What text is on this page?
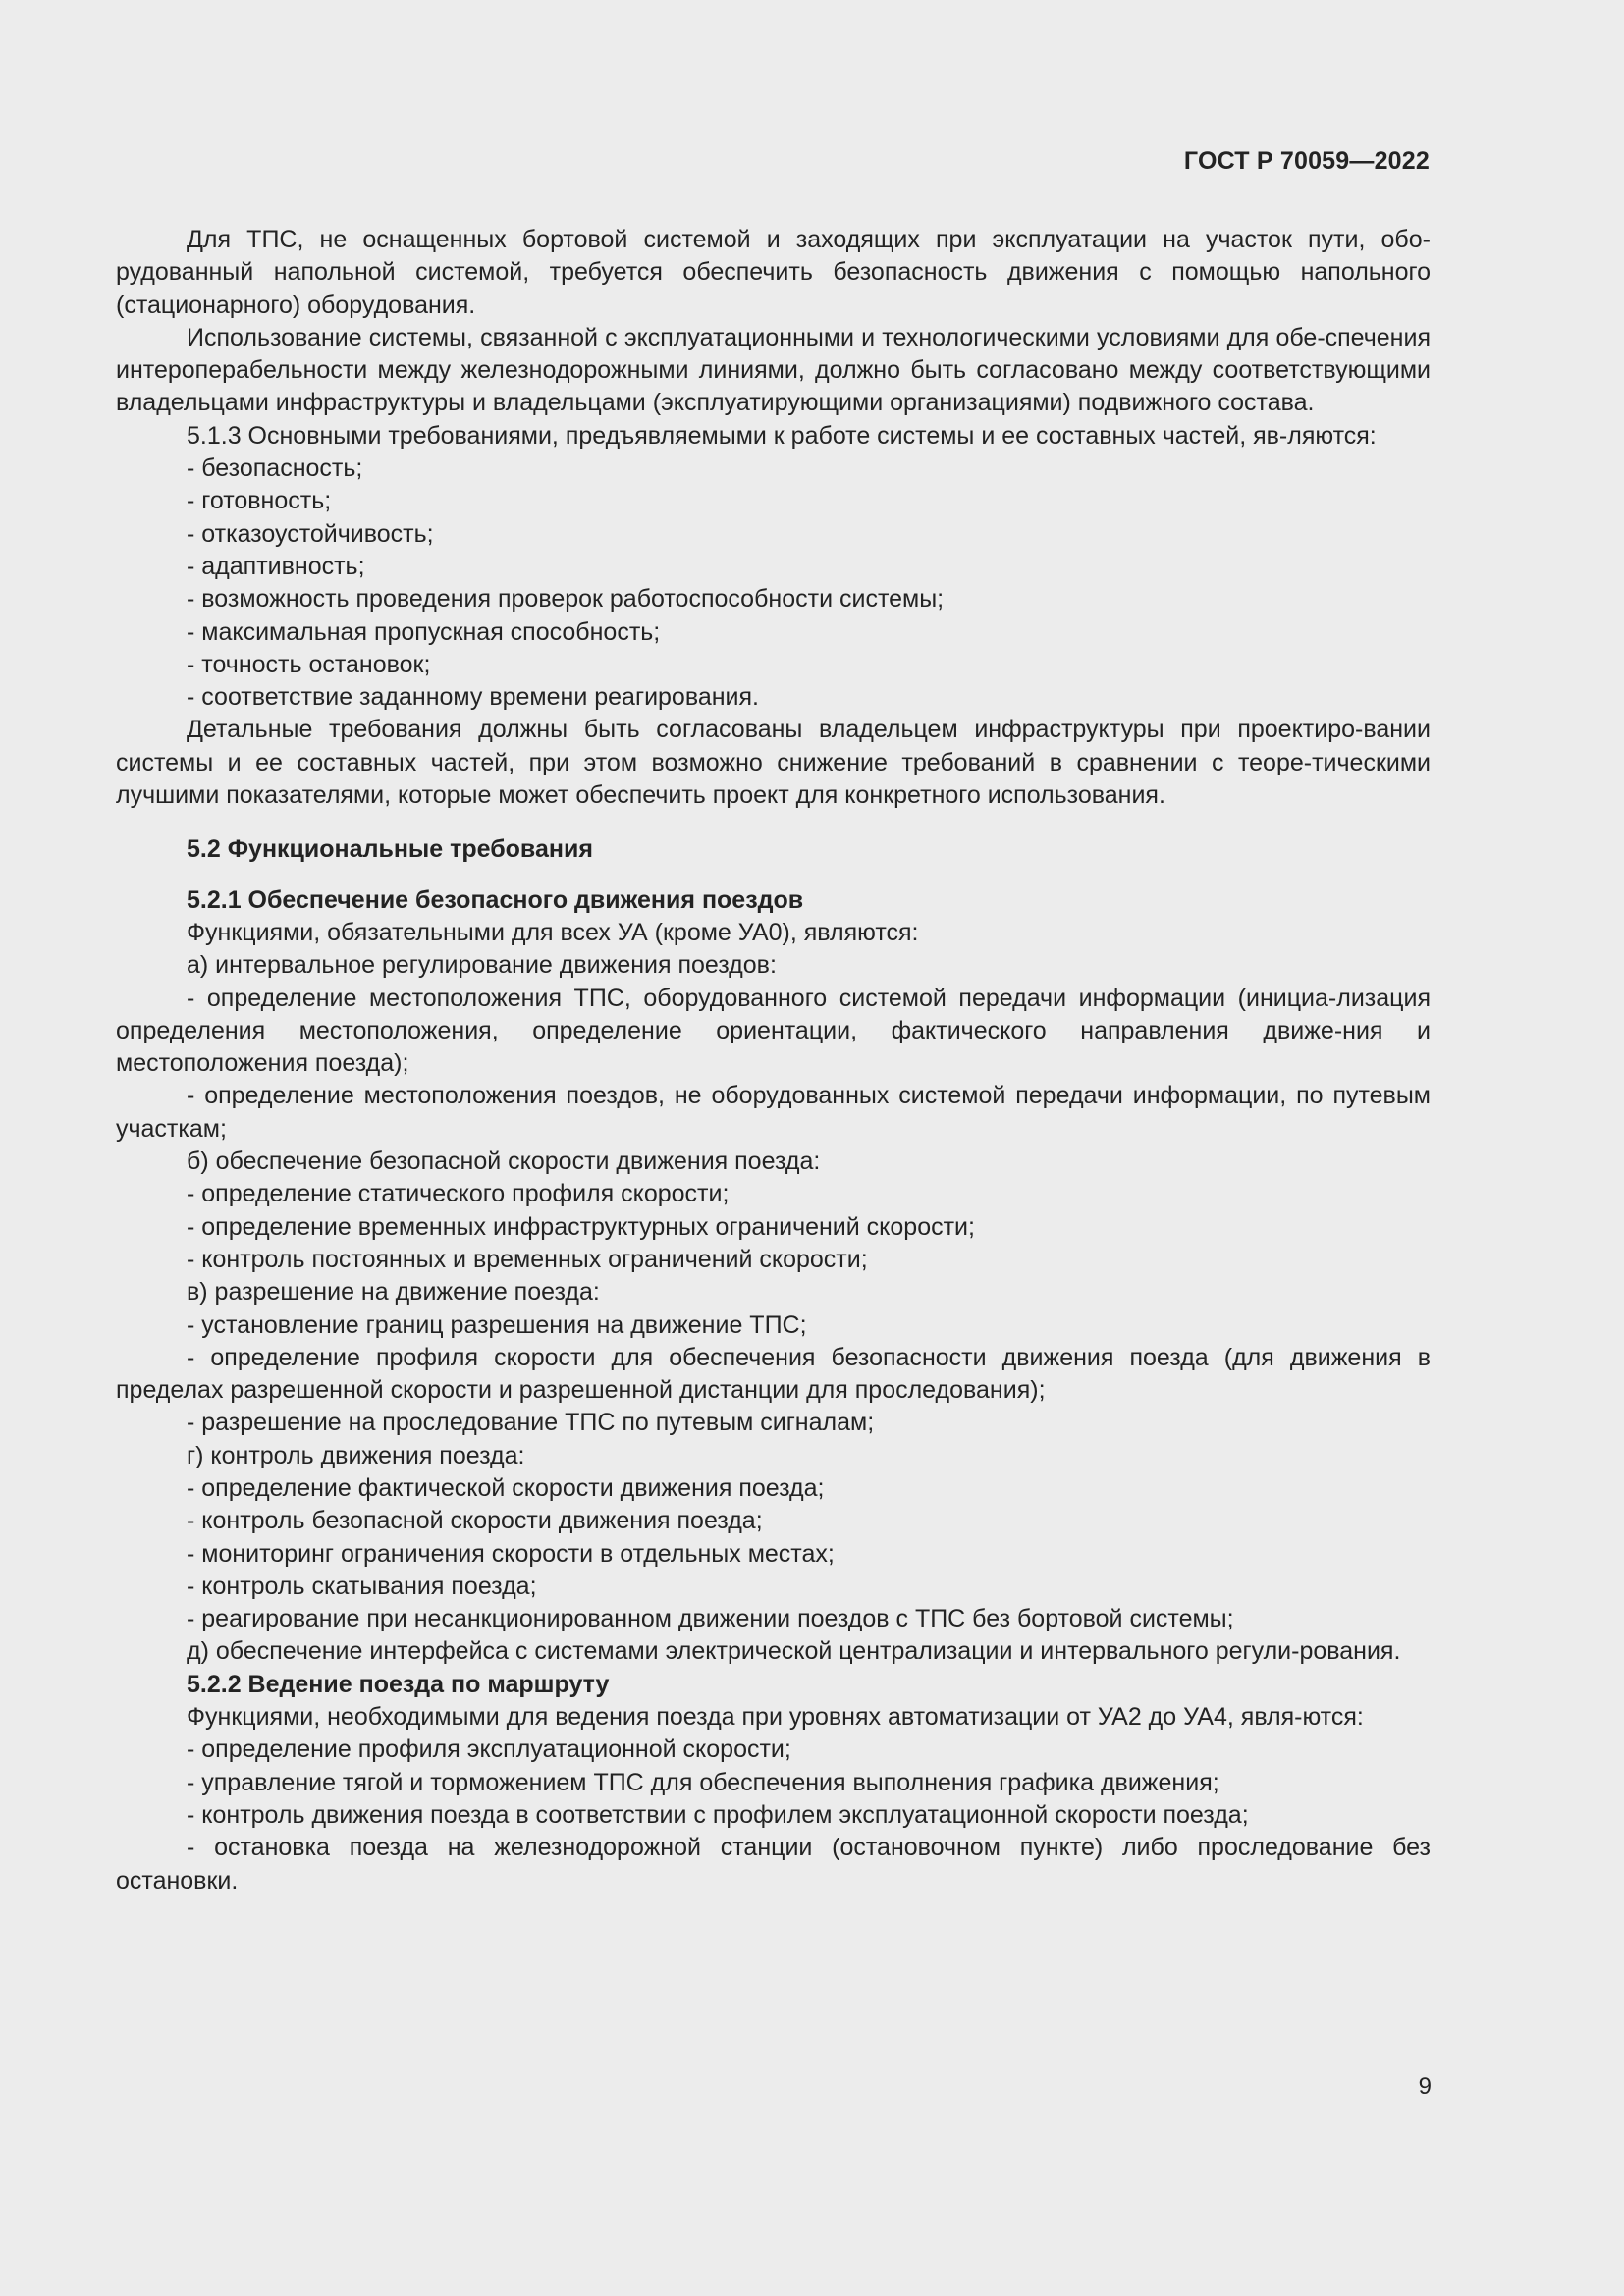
ГОСТ Р 70059—2022

Для ТПС, не оснащенных бортовой системой и заходящих при эксплуатации на участок пути, обо-рудованный напольной системой, требуется обеспечить безопасность движения с помощью напольного (стационарного) оборудования.

Использование системы, связанной с эксплуатационными и технологическими условиями для обе-спечения интероперабельности между железнодорожными линиями, должно быть согласовано между соответствующими владельцами инфраструктуры и владельцами (эксплуатирующими организациями) подвижного состава.

5.1.3 Основными требованиями, предъявляемыми к работе системы и ее составных частей, яв-ляются:

- безопасность;

- готовность;

- отказоустойчивость;

- адаптивность;

- возможность проведения проверок работоспособности системы;

- максимальная пропускная способность;

- точность остановок;

- соответствие заданному времени реагирования.

Детальные требования должны быть согласованы владельцем инфраструктуры при проектиро-вании системы и ее составных частей, при этом возможно снижение требований в сравнении с теоре-тическими лучшими показателями, которые может обеспечить проект для конкретного использования.

5.2 Функциональные требования

5.2.1 Обеспечение безопасного движения поездов

Функциями, обязательными для всех УА (кроме УА0), являются:

а) интервальное регулирование движения поездов:

- определение местоположения ТПС, оборудованного системой передачи информации (инициа-лизация определения местоположения, определение ориентации, фактического направления движе-ния и местоположения поезда);

- определение местоположения поездов, не оборудованных системой передачи информации, по путевым участкам;

б) обеспечение безопасной скорости движения поезда:

- определение статического профиля скорости;

- определение временных инфраструктурных ограничений скорости;

- контроль постоянных и временных ограничений скорости;

в) разрешение на движение поезда:

- установление границ разрешения на движение ТПС;

- определение профиля скорости для обеспечения безопасности движения поезда (для движения в пределах разрешенной скорости и разрешенной дистанции для проследования);

- разрешение на проследование ТПС по путевым сигналам;

г) контроль движения поезда:

- определение фактической скорости движения поезда;

- контроль безопасной скорости движения поезда;

- мониторинг ограничения скорости в отдельных местах;

- контроль скатывания поезда;

- реагирование при несанкционированном движении поездов с ТПС без бортовой системы;

д) обеспечение интерфейса с системами электрической централизации и интервального регули-рования.

5.2.2 Ведение поезда по маршруту

Функциями, необходимыми для ведения поезда при уровнях автоматизации от УА2 до УА4, явля-ются:

- определение профиля эксплуатационной скорости;

- управление тягой и торможением ТПС для обеспечения выполнения графика движения;

- контроль движения поезда в соответствии с профилем эксплуатационной скорости поезда;

- остановка поезда на железнодорожной станции (остановочном пункте) либо проследование без остановки.

9
